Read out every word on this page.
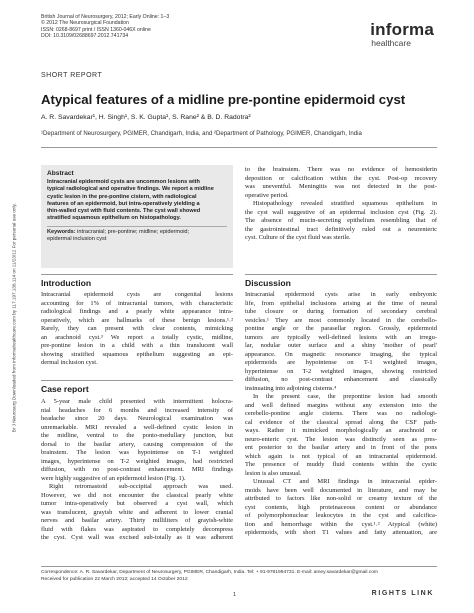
British Journal of Neurosurgery, 2012; Early Online: 1–3
© 2012 The Neurosurgical Foundation
ISSN: 0268-8697 print / ISSN 1360-046X online
DOI: 10.3109/02688697.2012.741734	informa
healthcare
Br J Neurosurg Downloaded from informahealthcare.com by 117.197.138.114 on 11/23/12 For personal use only.
SHORT REPORT
Atypical features of a midline pre-pontine epidermoid cyst
A. R. Savardekar¹, H. Singh¹, S. K. Gupta¹, S. Rane² & B. D. Radotra²
¹Department of Neurosurgery, PGIMER, Chandigarh, India, and ²Department of Pathology, PGIMER, Chandigarh, India
Abstract
Intracranial epidermoid cysts are uncommon lesions with
typical radiological and operative findings. We report a midline
cystic lesion in the pre-pontine cistern, with radiological
features of an epidermoid, but intra-operatively yielding a
thin-walled cyst with fluid contents. The cyst wall showed
stratified squamous epithelium on histopathology.
Keywords: intracranial; pre-pontine; midline; epidermoid;
epidermal inclusion cyst
Introduction
Intracranial epidermoid cysts are congenital lesions
accounting for 1% of intracranial tumors, with characteristic
radiological findings and a pearly white appearance intra-
operatively, which are hallmarks of these benign lesions.¹˒²
Rarely, they can present with clear contents, mimicking
an arachnoid cyst.³ We report a totally cystic, midline,
pre-pontine lesion in a child with a thin translucent wall
showing stratified squamous epithelium suggesting an epi-
dermal inclusion cyst.
Case report
A 5-year male child presented with intermittent holocra-
nial headaches for 6 months and increased intensity of
headache since 20 days. Neurological examination was
unremarkable. MRI revealed a well-defined cystic lesion in
the midline, ventral to the ponto-medullary junction, but
dorsal to the basilar artery, causing compression of the
brainstem. The lesion was hypointense on T-1 weighted
images, hyperintense on T-2 weighted images, had restricted
diffusion, with no post-contrast enhancement. MRI findings
were highly suggestive of an epidermoid lesion (Fig. 1).
Right retromastoid sub-occipital approach was used.
However, we did not encounter the classical pearly white
tumor intra-operatively but observed a cyst wall, which
was translucent, grayish white and adherent to lower cranial
nerves and basilar artery. Thirty milliliters of grayish-white
fluid with flakes was aspirated to completely decompress
the cyst. Cyst wall was excised sub-totally as it was adherent
to the brainstem. There was no evidence of hemosiderin
deposition or calcification within the cyst. Post-op recovery
was uneventful. Meningitis was not detected in the post-
operative period.
Histopathology revealed stratified squamous epithelium in
the cyst wall suggestive of an epidermal inclusion cyst (Fig. 2).
The absence of mucin-secreting epithelium resembling that of
the gastrointestinal tract definitively ruled out a neurenteric
cyst. Culture of the cyst fluid was sterile.
Discussion
Intracranial epidermoid cysts arise in early embryonic
life, from epithelial inclusions arising at the time of neural
tube closure or during formation of secondary cerebral
vesicles.¹ They are most commonly located in the cerebello-
pontine angle or the parasellar region. Grossly, epidermoid
tumors are typically well-defined lesions with an irregu-
lar, nodular outer surface and a shiny 'mother of pearl'
appearance. On magnetic resonance imaging, the typical
epidermoids are hypointense on T-1 weighted images,
hyperintense on T-2 weighted images, showing restricted
diffusion, no post-contrast enhancement and classically
insinuating into adjoining cisterns.⁴
In the present case, the prepontine lesion had smooth
and well defined margins without any extension into the
cerebello-pontine angle cisterns. There was no radiologi-
cal evidence of the classical spread along the CSF path-
ways. Rather it mimicked morphologically an arachnoid or
neuro-enteric cyst. The lesion was distinctly seen as pres-
ent posterior to the basilar artery and in front of the pons
which again is not typical of an intracranial epidermoid.
The presence of muddy fluid contents within the cystic
lesion is also unusual.
Unusual CT and MRI findings in intracranial epider-
moids have been well documented in literature, and may be
attributed to factors like non-solid or creamy texture of the
cyst contents, high proteinaceous content or abundance
of polymorphonuclear leukocytes in the cyst and calcifica-
tion and hemorrhage within the cyst.¹˒² Atypical (white)
epidermoids, with short T1 values and fatty attenuation, are
Correspondence: A. R. Savardekar, Department of Neurosurgery, PGIMER, Chandigarh, India. Tel: + 91-9781994731. E-mail: amey.savardekar@gmail.com
Received for publication 22 March 2012; accepted 14 October 2012
1	RIGHTS LINK
